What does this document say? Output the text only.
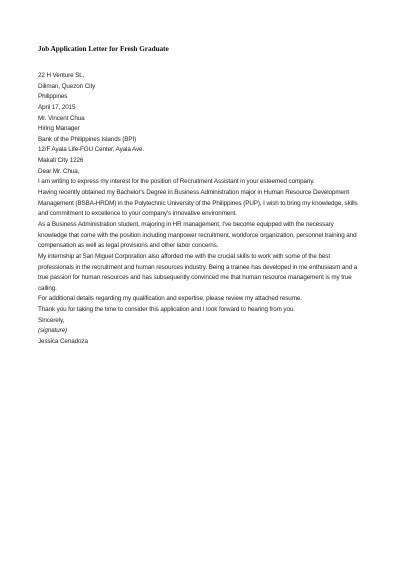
Job Application Letter for Fresh Graduate
22 H Venture St.,
Diliman, Quezon City
Philippines
April 17, 2015
Mr. Vincent Chua
Hiring Manager
Bank of the Philippines Islands (BPI)
12/F Ayala Life-FGU Center, Ayala Ave.
Makati City 1226
Dear Mr. Chua,
I am writing to express my interest for the position of Recruitment Assistant in your esteemed company.
Having recently obtained my Bachelor's Degree in Business Administration major in Human Resource Development
Management (BSBA-HRDM) in the Polytechnic University of the Philippines (PUP), I wish to bring my knowledge, skills
and commitment to excellence to your company's innovative environment.
As a Business Administration student, majoring in HR management, I've become equipped with the necessary
knowledge that come with the position including manpower recruitment, workforce organization, personnel training and
compensation as well as legal provisions and other labor concerns.
My internship at San Miguel Corporation also afforded me with the crucial skills to work with some of the best
professionals in the recruitment and human resources industry. Being a trainee has developed in me enthusiasm and a
true passion for human resources and has subsequently convinced me that human resource management is my true
calling.
For additional details regarding my qualification and expertise, please review my attached resume.
Thank you for taking the time to consider this application and I look forward to hearing from you.
Sincerely,
(signature)
Jessica Cenadoza
